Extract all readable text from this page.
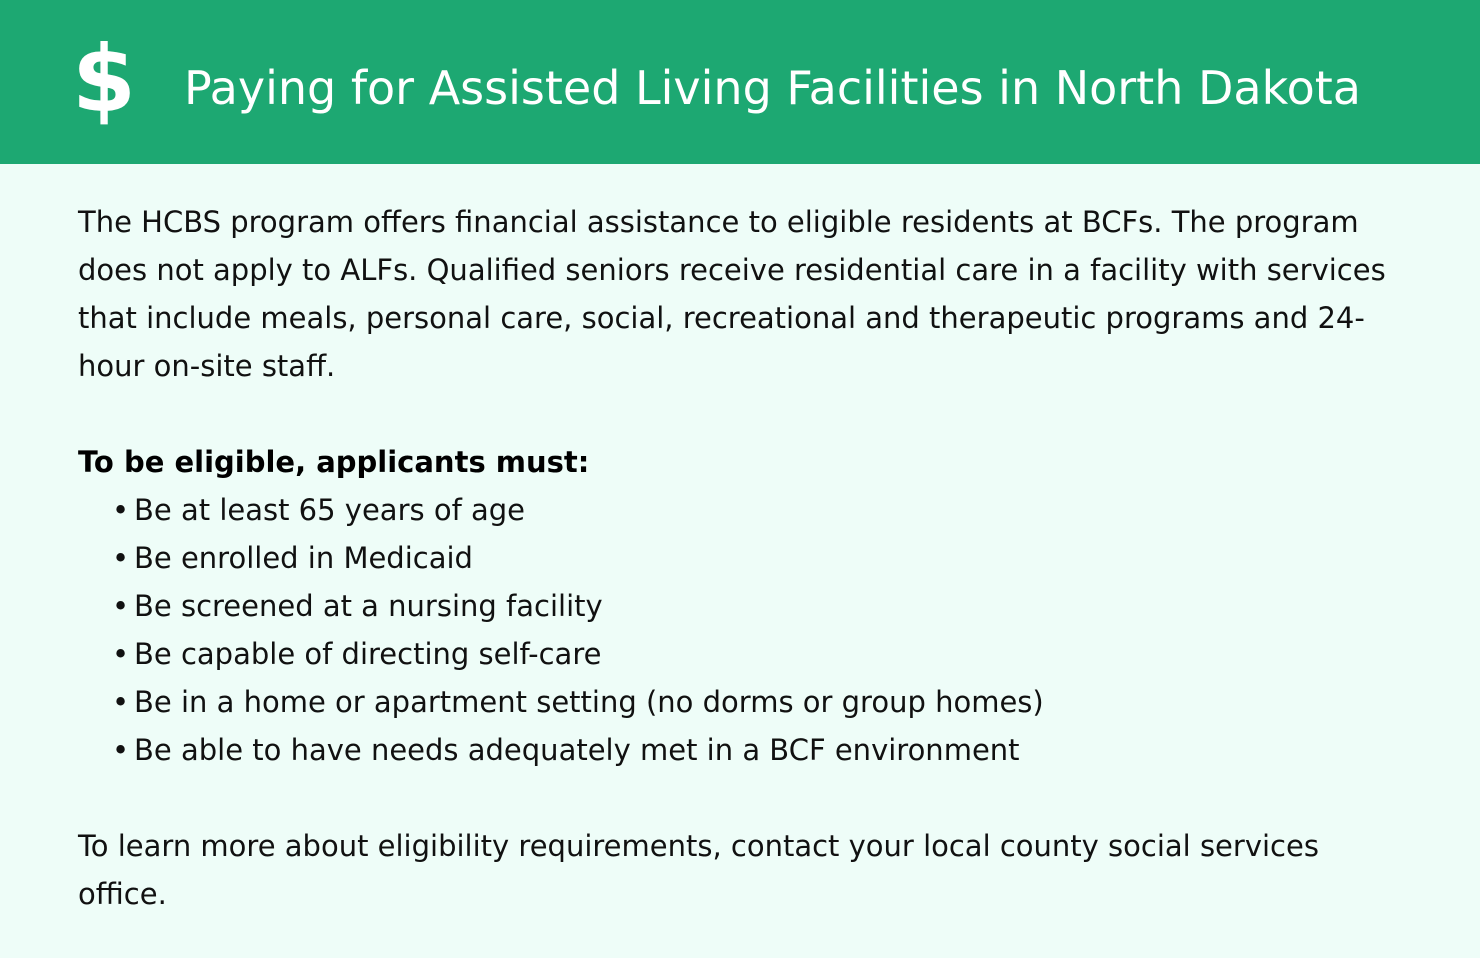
$ Paying for Assisted Living Facilities in North Dakota

The HCBS program offers financial assistance to eligible residents at BCFs. The program does not apply to ALFs. Qualified seniors receive residential care in a facility with services that include meals, personal care, social, recreational and therapeutic programs and 24-hour on-site staff.

To be eligible, applicants must:

• Be at least 65 years of age
• Be enrolled in Medicaid
• Be screened at a nursing facility
• Be capable of directing self-care
• Be in a home or apartment setting (no dorms or group homes)
• Be able to have needs adequately met in a BCF environment

To learn more about eligibility requirements, contact your local county social services office.
